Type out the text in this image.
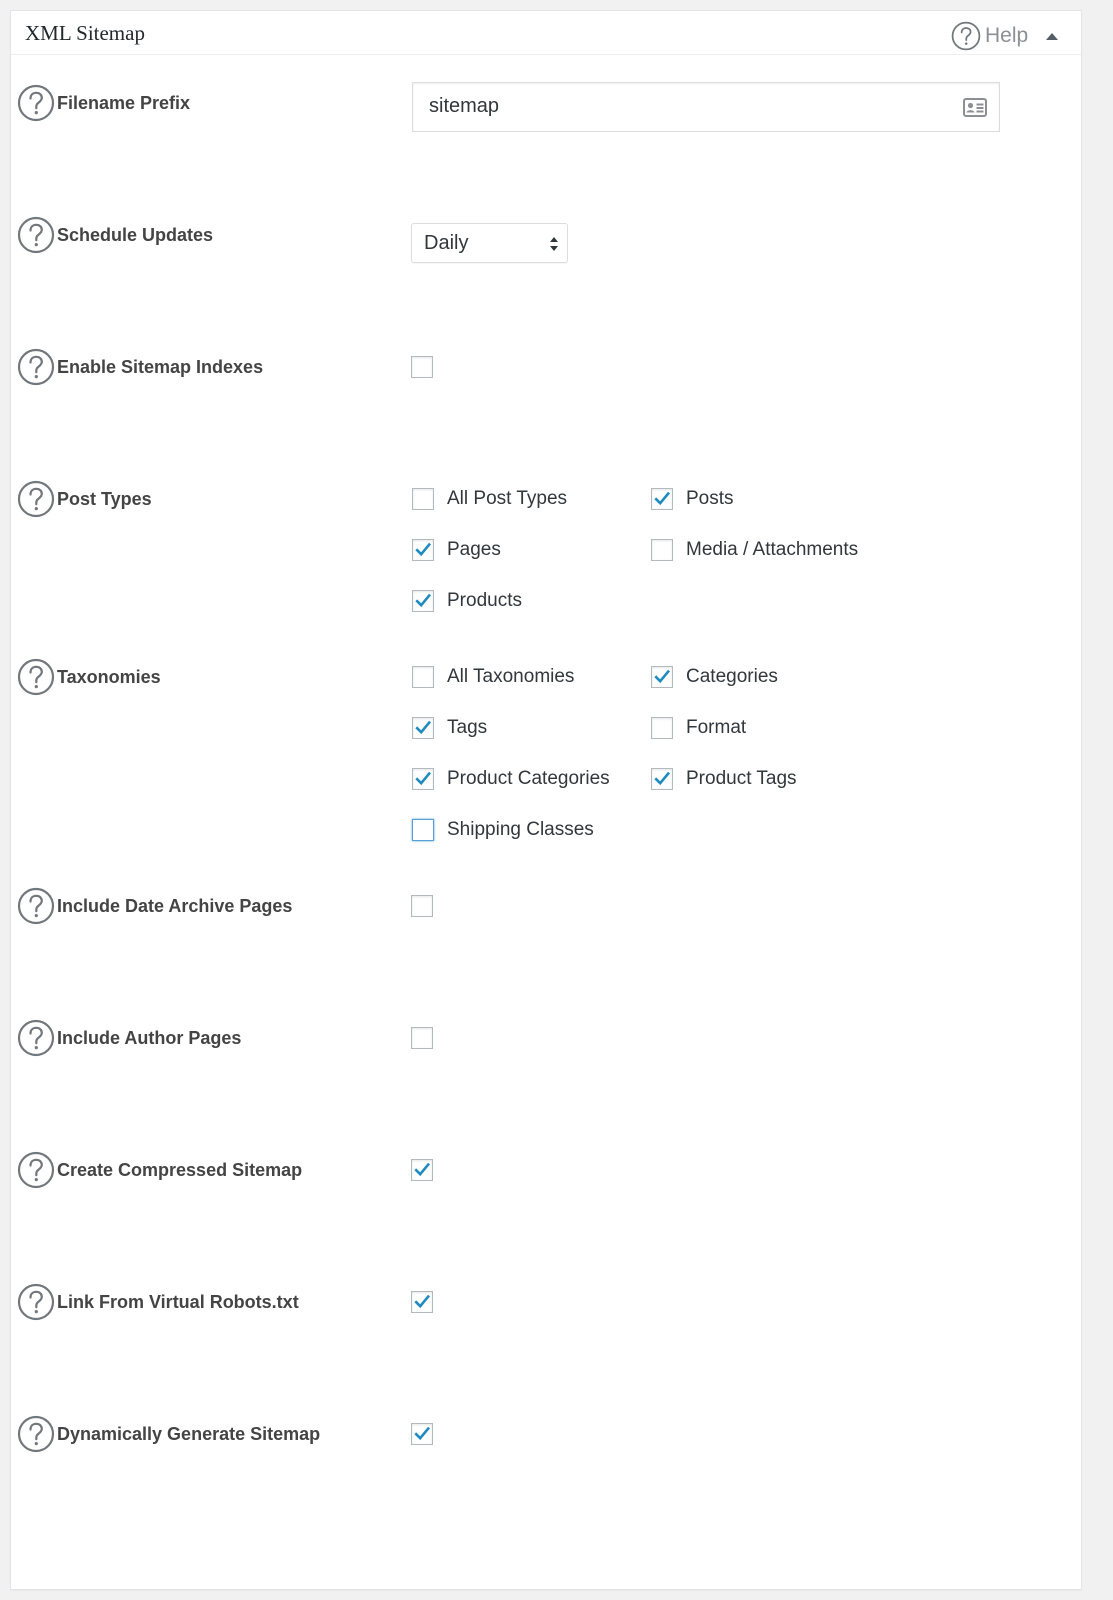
XML Sitemap	Help
Filename Prefix	sitemap
Schedule Updates	Daily
Enable Sitemap Indexes
Post Types	All Post Types	Posts
Pages	Media / Attachments
Products
Taxonomies	All Taxonomies	Categories
Tags	Format
Product Categories	Product Tags
Shipping Classes
Include Date Archive Pages
Include Author Pages
Create Compressed Sitemap
Link From Virtual Robots.txt
Dynamically Generate Sitemap
